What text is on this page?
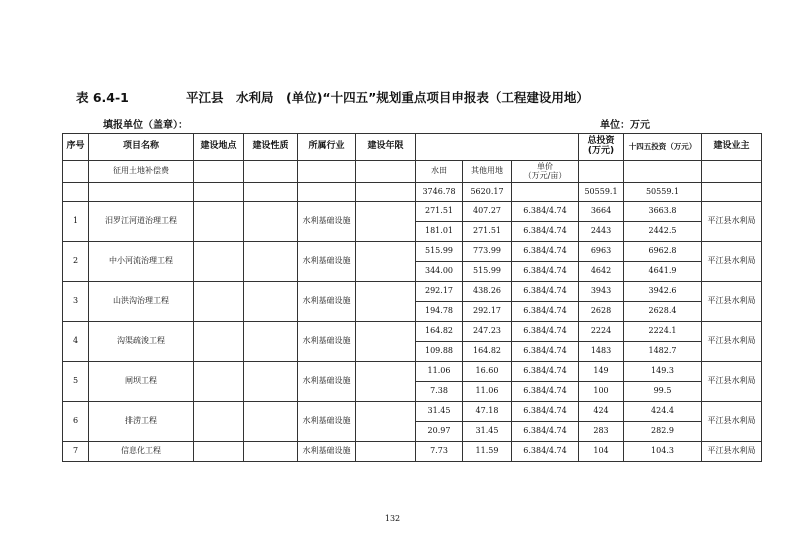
表 6.4-1	平江县　水利局　(单位)“十四五”规划重点项目申报表（工程建设用地）
填报单位（盖章）：	单位：万元
序号	项目名称	建设地点	建设性质	所属行业	建设年限				总投资
(万元)	十四五投资（万元）	建设业主
	征用土地补偿费					水田	其他用地	单价
（万元/亩）			
						3746.78	5620.17		50559.1	50559.1	
1	汨罗江河道治理工程			水利基础设施		271.51	407.27	6.384/4.74	3664	3663.8	平江县水利局
						181.01	271.51	6.384/4.74	2443	2442.5	
2	中小河流治理工程			水利基础设施		515.99	773.99	6.384/4.74	6963	6962.8	平江县水利局
						344.00	515.99	6.384/4.74	4642	4641.9	
3	山洪沟治理工程			水利基础设施		292.17	438.26	6.384/4.74	3943	3942.6	平江县水利局
						194.78	292.17	6.384/4.74	2628	2628.4	
4	沟渠疏浚工程			水利基础设施		164.82	247.23	6.384/4.74	2224	2224.1	平江县水利局
						109.88	164.82	6.384/4.74	1483	1482.7	
5	闸坝工程			水利基础设施		11.06	16.60	6.384/4.74	149	149.3	平江县水利局
						7.38	11.06	6.384/4.74	100	99.5	
6	排涝工程			水利基础设施		31.45	47.18	6.384/4.74	424	424.4	平江县水利局
						20.97	31.45	6.384/4.74	283	282.9	
7	信息化工程			水利基础设施		7.73	11.59	6.384/4.74	104	104.3	平江县水利局
132
